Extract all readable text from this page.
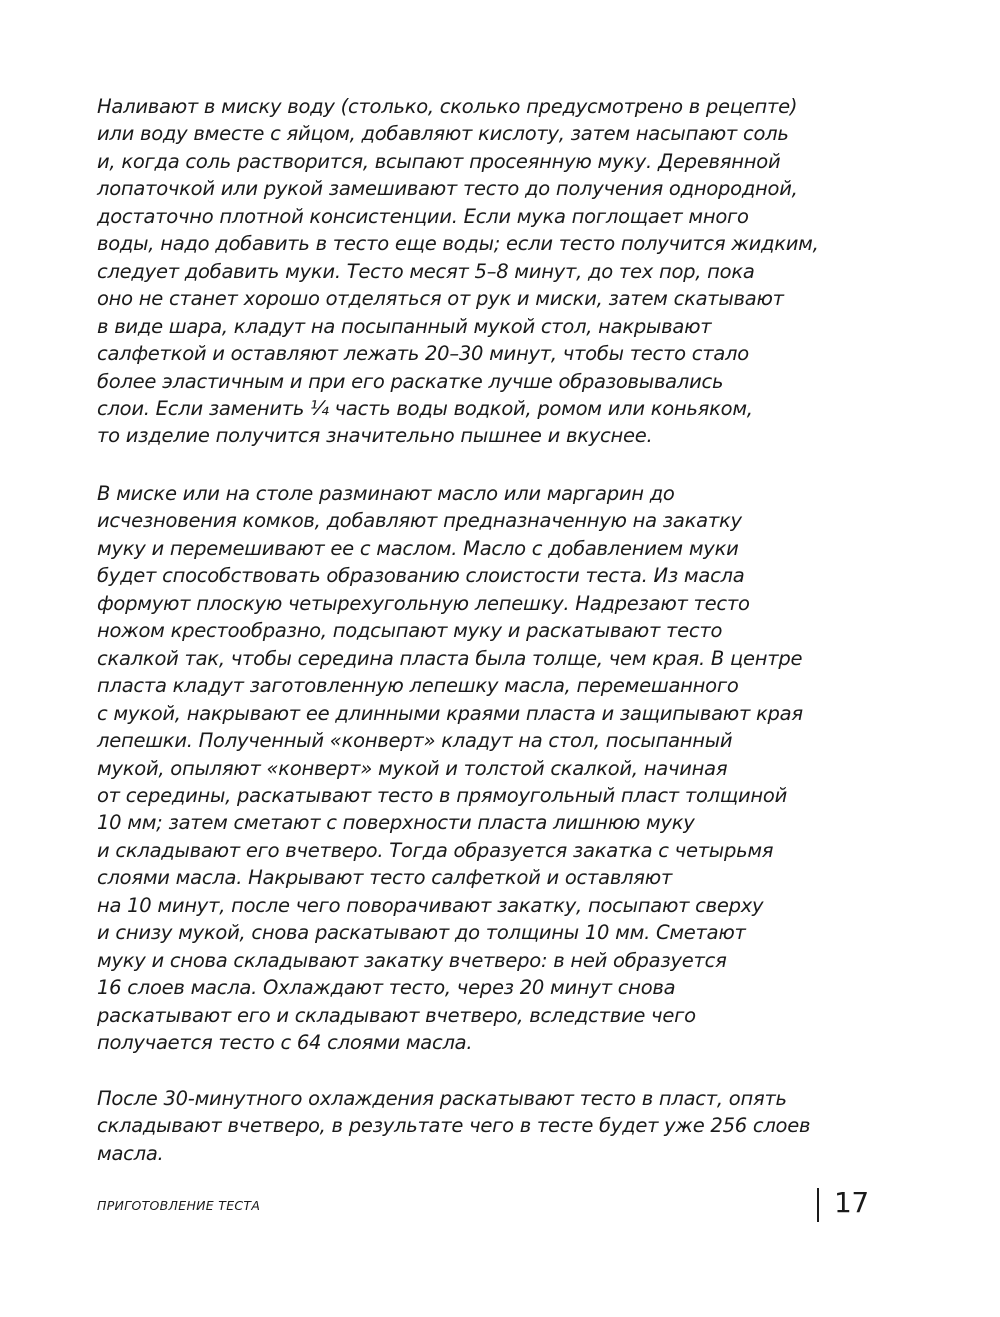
Наливают в миску воду (столько, сколько предусмотрено в рецепте)
или воду вместе с яйцом, добавляют кислоту, затем насыпают соль
и, когда соль растворится, всыпают просеянную муку. Деревянной
лопаточкой или рукой замешивают тесто до получения однородной,
достаточно плотной консистенции. Если мука поглощает много
воды, надо добавить в тесто еще воды; если тесто получится жидким,
следует добавить муки. Тесто месят 5–8 минут, до тех пор, пока
оно не станет хорошо отделяться от рук и миски, затем скатывают
в виде шара, кладут на посыпанный мукой стол, накрывают
салфеткой и оставляют лежать 20–30 минут, чтобы тесто стало
более эластичным и при его раскатке лучше образовывались
слои. Если заменить ¼ часть воды водкой, ромом или коньяком,
то изделие получится значительно пышнее и вкуснее.
В миске или на столе разминают масло или маргарин до
исчезновения комков, добавляют предназначенную на закатку
муку и перемешивают ее с маслом. Масло с добавлением муки
будет способствовать образованию слоистости теста. Из масла
формуют плоскую четырехугольную лепешку. Надрезают тесто
ножом крестообразно, подсыпают муку и раскатывают тесто
скалкой так, чтобы середина пласта была толще, чем края. В центре
пласта кладут заготовленную лепешку масла, перемешанного
с мукой, накрывают ее длинными краями пласта и защипывают края
лепешки. Полученный «конверт» кладут на стол, посыпанный
мукой, опыляют «конверт» мукой и толстой скалкой, начиная
от середины, раскатывают тесто в прямоугольный пласт толщиной
10 мм; затем сметают с поверхности пласта лишнюю муку
и складывают его вчетверо. Тогда образуется закатка с четырьмя
слоями масла. Накрывают тесто салфеткой и оставляют
на 10 минут, после чего поворачивают закатку, посыпают сверху
и снизу мукой, снова раскатывают до толщины 10 мм. Сметают
муку и снова складывают закатку вчетверо: в ней образуется
16 слоев масла. Охлаждают тесто, через 20 минут снова
раскатывают его и складывают вчетверо, вследствие чего
получается тесто с 64 слоями масла.
После 30-минутного охлаждения раскатывают тесто в пласт, опять
складывают вчетверо, в результате чего в тесте будет уже 256 слоев
масла.
ПРИГОТОВЛЕНИЕ ТЕСТА	17
